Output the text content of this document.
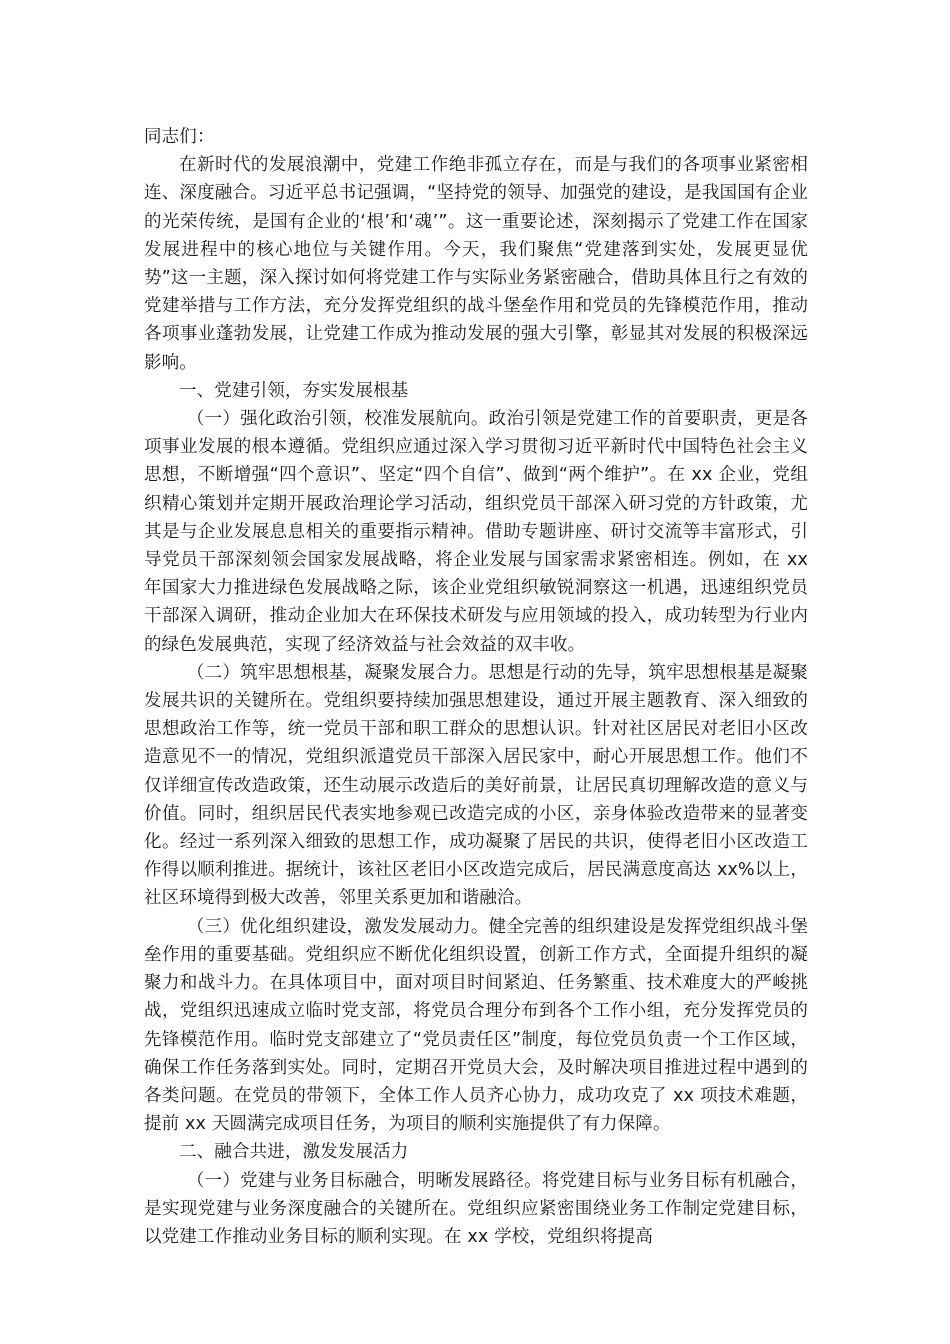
同志们：

在新时代的发展浪潮中，党建工作绝非孤立存在，而是与我们的各项事业紧密相连、深度融合。习近平总书记强调，“坚持党的领导、加强党的建设，是我国国有企业的光荣传统，是国有企业的‘根’和‘魂’”。这一重要论述，深刻揭示了党建工作在国家发展进程中的核心地位与关键作用。今天，我们聚焦“党建落到实处，发展更显优势”这一主题，深入探讨如何将党建工作与实际业务紧密融合，借助具体且行之有效的党建举措与工作方法，充分发挥党组织的战斗堡垒作用和党员的先锋模范作用，推动各项事业蓬勃发展，让党建工作成为推动发展的强大引擎，彰显其对发展的积极深远影响。

一、党建引领，夯实发展根基

（一）强化政治引领，校准发展航向。政治引领是党建工作的首要职责，更是各项事业发展的根本遵循。党组织应通过深入学习贯彻习近平新时代中国特色社会主义思想，不断增强“四个意识”、坚定“四个自信”、做到“两个维护”。在 xx 企业，党组织精心策划并定期开展政治理论学习活动，组织党员干部深入研习党的方针政策，尤其是与企业发展息息相关的重要指示精神。借助专题讲座、研讨交流等丰富形式，引导党员干部深刻领会国家发展战略，将企业发展与国家需求紧密相连。例如，在 xx 年国家大力推进绿色发展战略之际，该企业党组织敏锐洞察这一机遇，迅速组织党员干部深入调研，推动企业加大在环保技术研发与应用领域的投入，成功转型为行业内的绿色发展典范，实现了经济效益与社会效益的双丰收。

（二）筑牢思想根基，凝聚发展合力。思想是行动的先导，筑牢思想根基是凝聚发展共识的关键所在。党组织要持续加强思想建设，通过开展主题教育、深入细致的思想政治工作等，统一党员干部和职工群众的思想认识。针对社区居民对老旧小区改造意见不一的情况，党组织派遣党员干部深入居民家中，耐心开展思想工作。他们不仅详细宣传改造政策，还生动展示改造后的美好前景，让居民真切理解改造的意义与价值。同时，组织居民代表实地参观已改造完成的小区，亲身体验改造带来的显著变化。经过一系列深入细致的思想工作，成功凝聚了居民的共识，使得老旧小区改造工作得以顺利推进。据统计，该社区老旧小区改造完成后，居民满意度高达 xx%以上，社区环境得到极大改善，邻里关系更加和谐融洽。

（三）优化组织建设，激发发展动力。健全完善的组织建设是发挥党组织战斗堡垒作用的重要基础。党组织应不断优化组织设置，创新工作方式，全面提升组织的凝聚力和战斗力。在具体项目中，面对项目时间紧迫、任务繁重、技术难度大的严峻挑战，党组织迅速成立临时党支部，将党员合理分布到各个工作小组，充分发挥党员的先锋模范作用。临时党支部建立了“党员责任区”制度，每位党员负责一个工作区域，确保工作任务落到实处。同时，定期召开党员大会，及时解决项目推进过程中遇到的各类问题。在党员的带领下，全体工作人员齐心协力，成功攻克了 xx 项技术难题，提前 xx 天圆满完成项目任务，为项目的顺利实施提供了有力保障。

二、融合共进，激发发展活力

（一）党建与业务目标融合，明晰发展路径。将党建目标与业务目标有机融合，是实现党建与业务深度融合的关键所在。党组织应紧密围绕业务工作制定党建目标，以党建工作推动业务目标的顺利实现。在 xx 学校，党组织将提高
